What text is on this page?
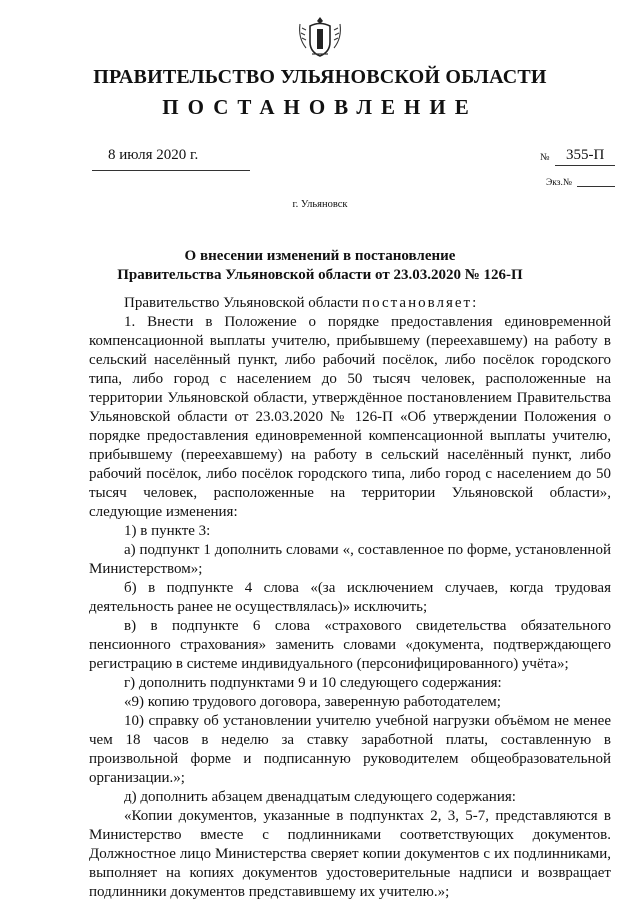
ПРАВИТЕЛЬСТВО УЛЬЯНОВСКОЙ ОБЛАСТИ
ПОСТАНОВЛЕНИЕ
8 июля 2020 г.	№ 355-П
Экз.№
г. Ульяновск
О внесении изменений в постановление
Правительства Ульяновской области от 23.03.2020 № 126-П

Правительство Ульяновской области постановляет:

1. Внести в Положение о порядке предоставления единовременной компенсационной выплаты учителю, прибывшему (переехавшему) на работу в сельский населённый пункт, либо рабочий посёлок, либо посёлок городского типа, либо город с населением до 50 тысяч человек, расположенные на территории Ульяновской области, утверждённое постановлением Правительства Ульяновской области от 23.03.2020 № 126-П «Об утверждении Положения о порядке предоставления единовременной компенсационной выплаты учителю, прибывшему (переехавшему) на работу в сельский населённый пункт, либо рабочий посёлок, либо посёлок городского типа, либо город с населением до 50 тысяч человек, расположенные на территории Ульяновской области», следующие изменения:

1) в пункте 3:

а) подпункт 1 дополнить словами «, составленное по форме, установленной Министерством»;

б) в подпункте 4 слова «(за исключением случаев, когда трудовая деятельность ранее не осуществлялась)» исключить;

в) в подпункте 6 слова «страхового свидетельства обязательного пенсионного страхования» заменить словами «документа, подтверждающего регистрацию в системе индивидуального (персонифицированного) учёта»;

г) дополнить подпунктами 9 и 10 следующего содержания:

«9) копию трудового договора, заверенную работодателем;

10) справку об установлении учителю учебной нагрузки объёмом не менее чем 18 часов в неделю за ставку заработной платы, составленную в произвольной форме и подписанную руководителем общеобразовательной организации.»;

д) дополнить абзацем двенадцатым следующего содержания:

«Копии документов, указанные в подпунктах 2, 3, 5-7, представляются в Министерство вместе с подлинниками соответствующих документов. Должностное лицо Министерства сверяет копии документов с их подлинниками, выполняет на копиях документов удостоверительные надписи и возвращает подлинники документов представившему их учителю.»;
